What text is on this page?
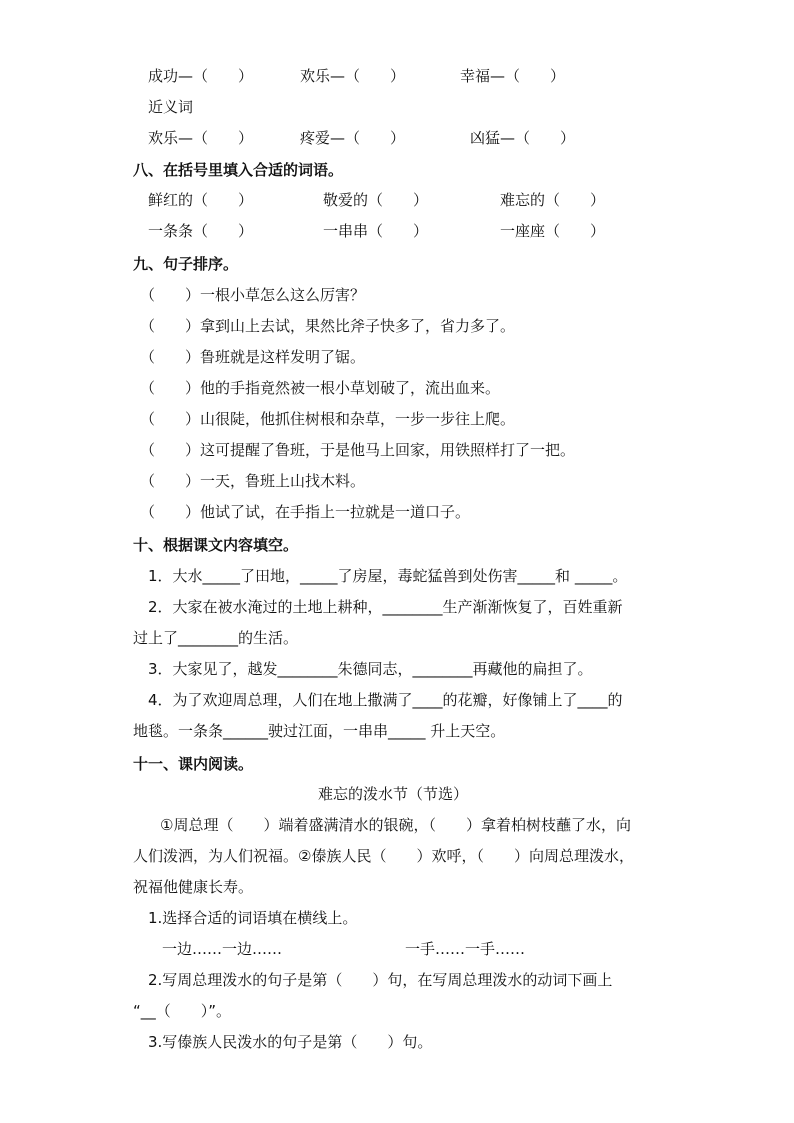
成功—（　　）	欢乐—（　　）	幸福—（　　）
近义词
欢乐—（　　）	疼爱—（　　）	凶猛—（　　）
八、在括号里填入合适的词语。
鲜红的（　　）	敬爱的（　　）	难忘的（　　）
一条条（　　）	一串串（　　）	一座座（　　）
九、句子排序。
（　　）一根小草怎么这么厉害？
（　　）拿到山上去试，果然比斧子快多了，省力多了。
（　　）鲁班就是这样发明了锯。
（　　）他的手指竟然被一根小草划破了，流出血来。
（　　）山很陡，他抓住树根和杂草，一步一步往上爬。
（　　）这可提醒了鲁班，于是他马上回家，用铁照样打了一把。
（　　）一天，鲁班上山找木料。
（　　）他试了试，在手指上一拉就是一道口子。
十、根据课文内容填空。
1．大水_____了田地，_____了房屋，毒蛇猛兽到处伤害_____和 _____。
2．大家在被水淹过的土地上耕种，________生产渐渐恢复了，百姓重新
过上了________的生活。
3．大家见了，越发________朱德同志，________再藏他的扁担了。
4．为了欢迎周总理，人们在地上撒满了____的花瓣，好像铺上了____的
地毯。一条条______驶过江面，一串串_____ 升上天空。
十一、课内阅读。
难忘的泼水节（节选）
①周总理（　　）端着盛满清水的银碗，（　　）拿着柏树枝蘸了水，向
人们泼洒，为人们祝福。②傣族人民（　　）欢呼，（　　）向周总理泼水，
祝福他健康长寿。
1.选择合适的词语填在横线上。
一边……一边……	一手……一手……
2.写周总理泼水的句子是第（　　）句，在写周总理泼水的动词下画上
“__（　　）”。
3.写傣族人民泼水的句子是第（　　）句。
